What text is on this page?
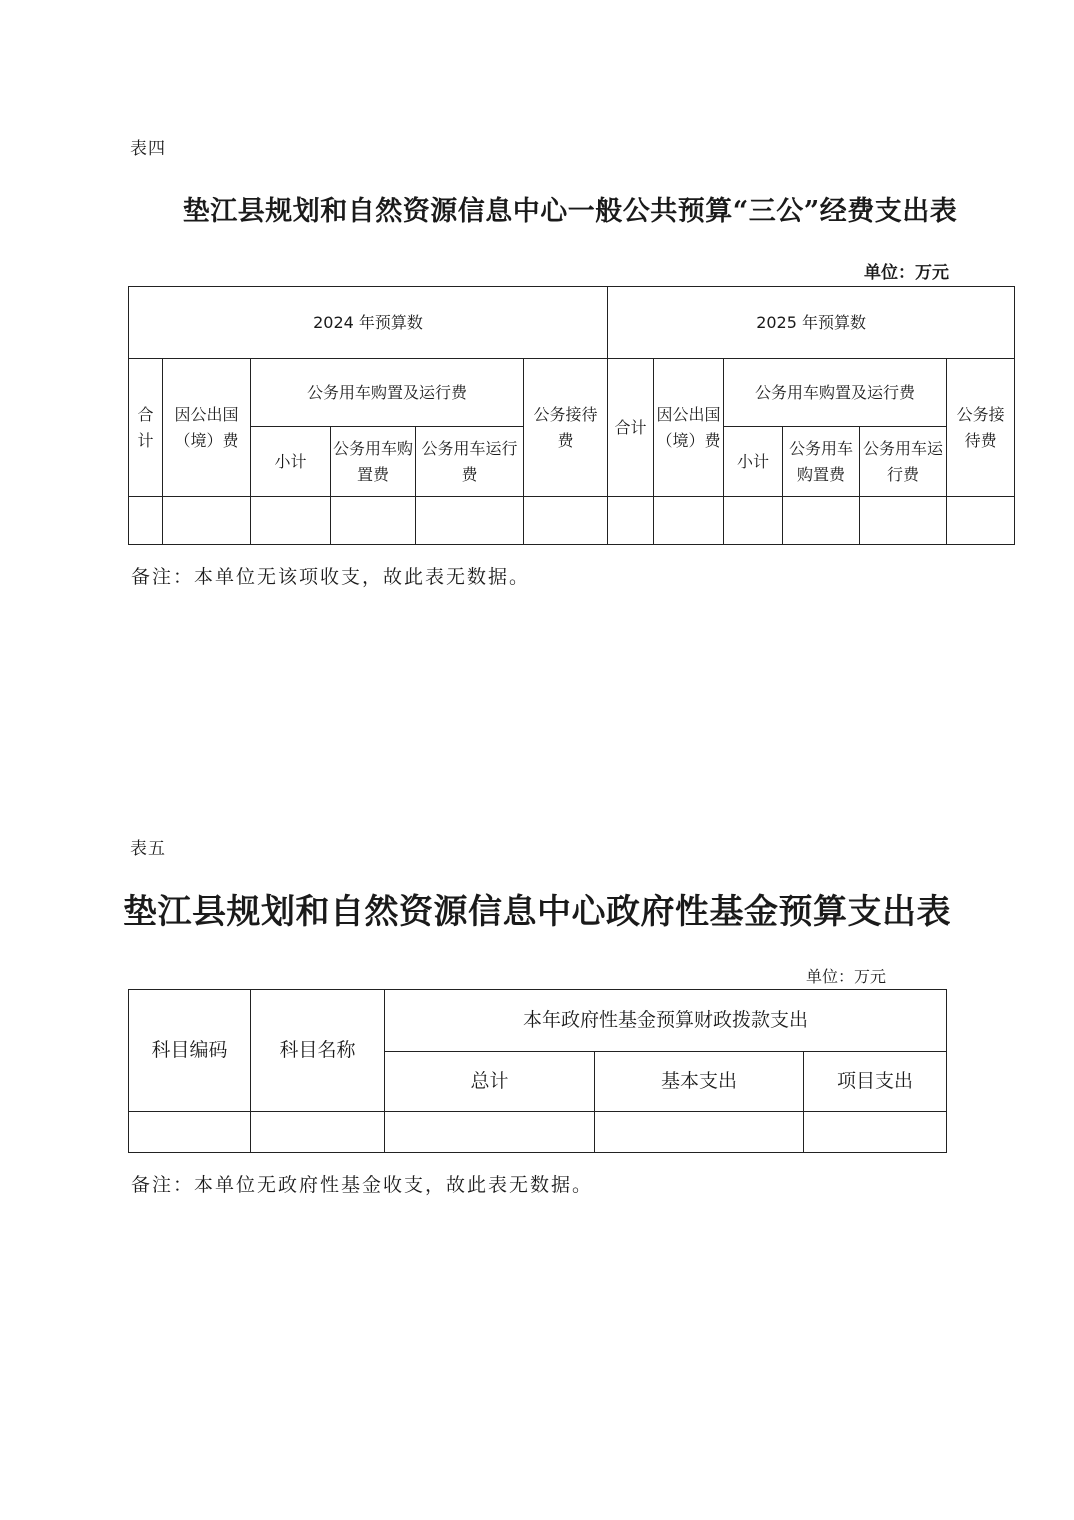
表四
垫江县规划和自然资源信息中心一般公共预算“三公”经费支出表
单位：万元
2024 年预算数						2025 年预算数					
合计	因公出国（境）费	公务用车购置及运行费			公务接待费	合计	因公出国（境）费	公务用车购置及运行费			公务接待费
		小计	公务用车购置费	公务用车运行费				小计	公务用车购置费	公务用车运行费	

备注：本单位无该项收支，故此表无数据。
表五
垫江县规划和自然资源信息中心政府性基金预算支出表
单位：万元
科目编码	科目名称	本年政府性基金预算财政拨款支出		
		总计	基本支出	项目支出

备注：本单位无政府性基金收支，故此表无数据。
